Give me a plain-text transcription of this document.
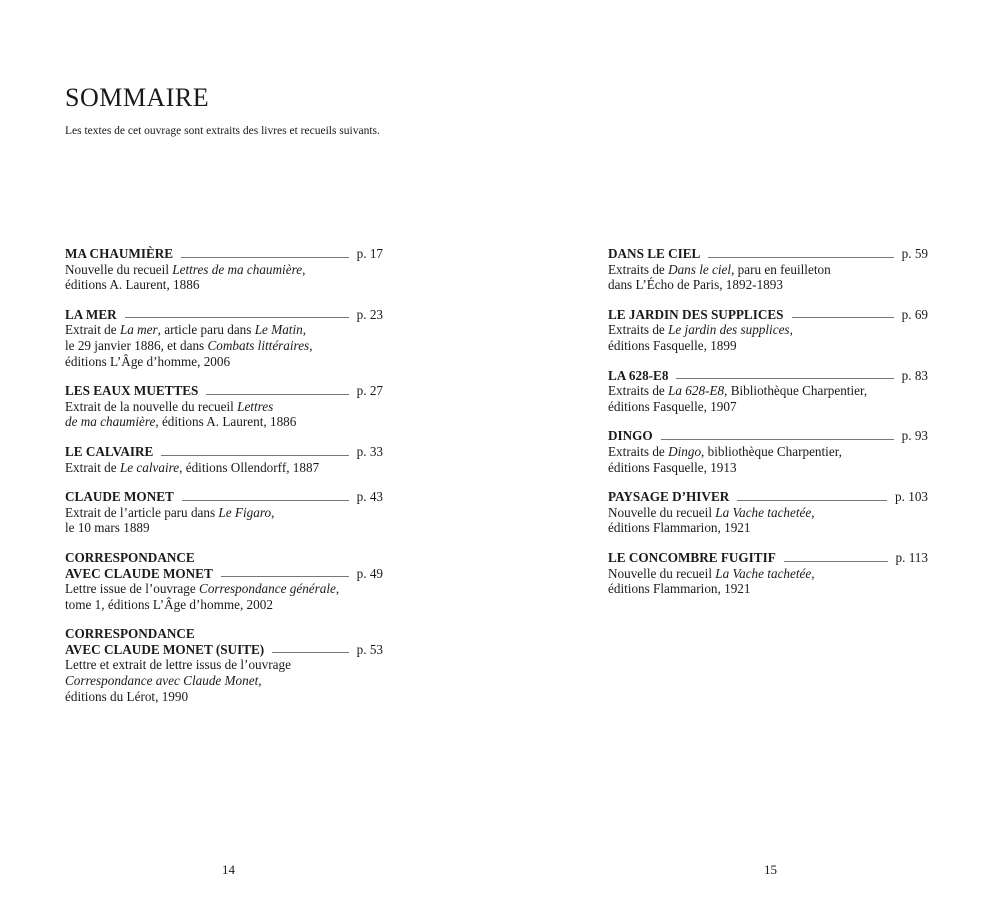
SOMMAIRE
Les textes de cet ouvrage sont extraits des livres et recueils suivants.
MA CHAUMIÈRE	p. 17
Nouvelle du recueil Lettres de ma chaumière,
éditions A. Laurent, 1886
LA MER	p. 23
Extrait de La mer, article paru dans Le Matin,
le 29 janvier 1886, et dans Combats littéraires,
éditions L’Âge d’homme, 2006
LES EAUX MUETTES	p. 27
Extrait de la nouvelle du recueil Lettres
de ma chaumière, éditions A. Laurent, 1886
LE CALVAIRE	p. 33
Extrait de Le calvaire, éditions Ollendorff, 1887
CLAUDE MONET	p. 43
Extrait de l’article paru dans Le Figaro,
le 10 mars 1889
CORRESPONDANCE
AVEC CLAUDE MONET	p. 49
Lettre issue de l’ouvrage Correspondance générale,
tome 1, éditions L’Âge d’homme, 2002
CORRESPONDANCE
AVEC CLAUDE MONET (SUITE)	p. 53
Lettre et extrait de lettre issus de l’ouvrage
Correspondance avec Claude Monet,
éditions du Lérot, 1990
DANS LE CIEL	p. 59
Extraits de Dans le ciel, paru en feuilleton
dans L’Écho de Paris, 1892-1893
LE JARDIN DES SUPPLICES	p. 69
Extraits de Le jardin des supplices,
éditions Fasquelle, 1899
LA 628-E8	p. 83
Extraits de La 628-E8, Bibliothèque Charpentier,
éditions Fasquelle, 1907
DINGO	p. 93
Extraits de Dingo, bibliothèque Charpentier,
éditions Fasquelle, 1913
PAYSAGE D’HIVER	p. 103
Nouvelle du recueil La Vache tachetée,
éditions Flammarion, 1921
LE CONCOMBRE FUGITIF	p. 113
Nouvelle du recueil La Vache tachetée,
éditions Flammarion, 1921
14	15
